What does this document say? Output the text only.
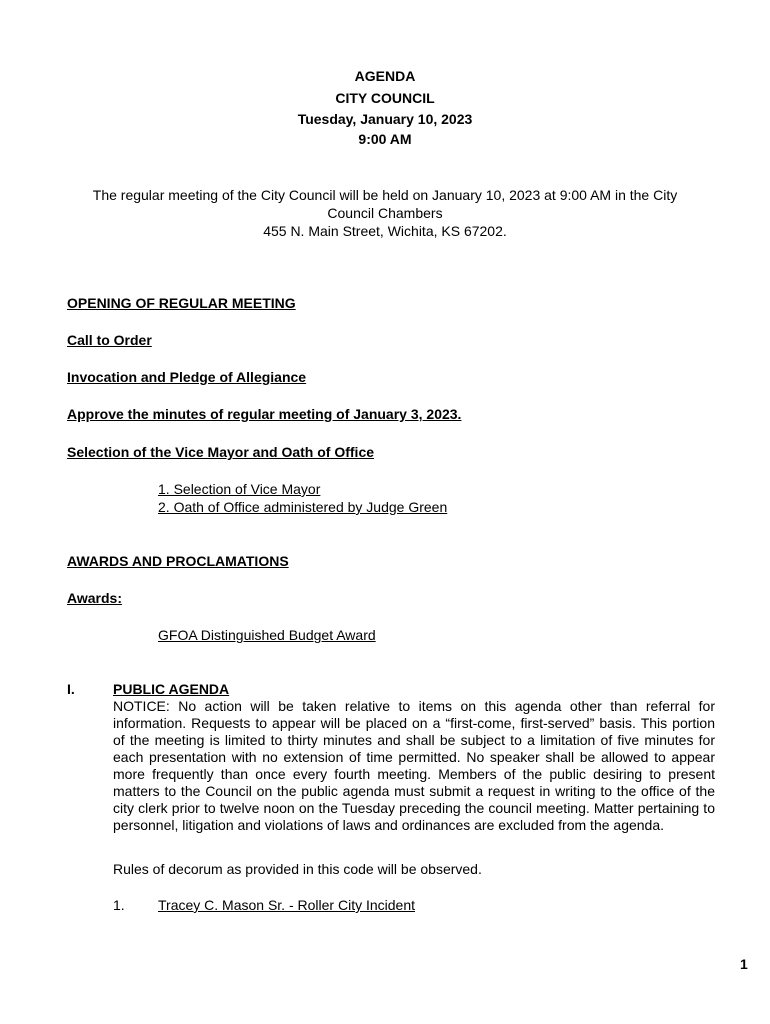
AGENDA
CITY COUNCIL
Tuesday, January 10, 2023
9:00 AM
The regular meeting of the City Council will be held on January 10, 2023 at 9:00 AM in the City
Council Chambers
455 N. Main Street, Wichita, KS 67202.
OPENING OF REGULAR MEETING
Call to Order
Invocation and Pledge of Allegiance
Approve the minutes of regular meeting of January 3, 2023.
Selection of the Vice Mayor and Oath of Office
1. Selection of Vice Mayor
2. Oath of Office administered by Judge Green
AWARDS AND PROCLAMATIONS
Awards:
GFOA Distinguished Budget Award
I.	PUBLIC AGENDA
NOTICE: No action will be taken relative to items on this agenda other than referral for information. Requests to appear will be placed on a “first-come, first-served” basis. This portion of the meeting is limited to thirty minutes and shall be subject to a limitation of five minutes for each presentation with no extension of time permitted. No speaker shall be allowed to appear more frequently than once every fourth meeting. Members of the public desiring to present matters to the Council on the public agenda must submit a request in writing to the office of the city clerk prior to twelve noon on the Tuesday preceding the council meeting. Matter pertaining to personnel, litigation and violations of laws and ordinances are excluded from the agenda.
Rules of decorum as provided in this code will be observed.
1. Tracey C. Mason Sr. - Roller City Incident
1
